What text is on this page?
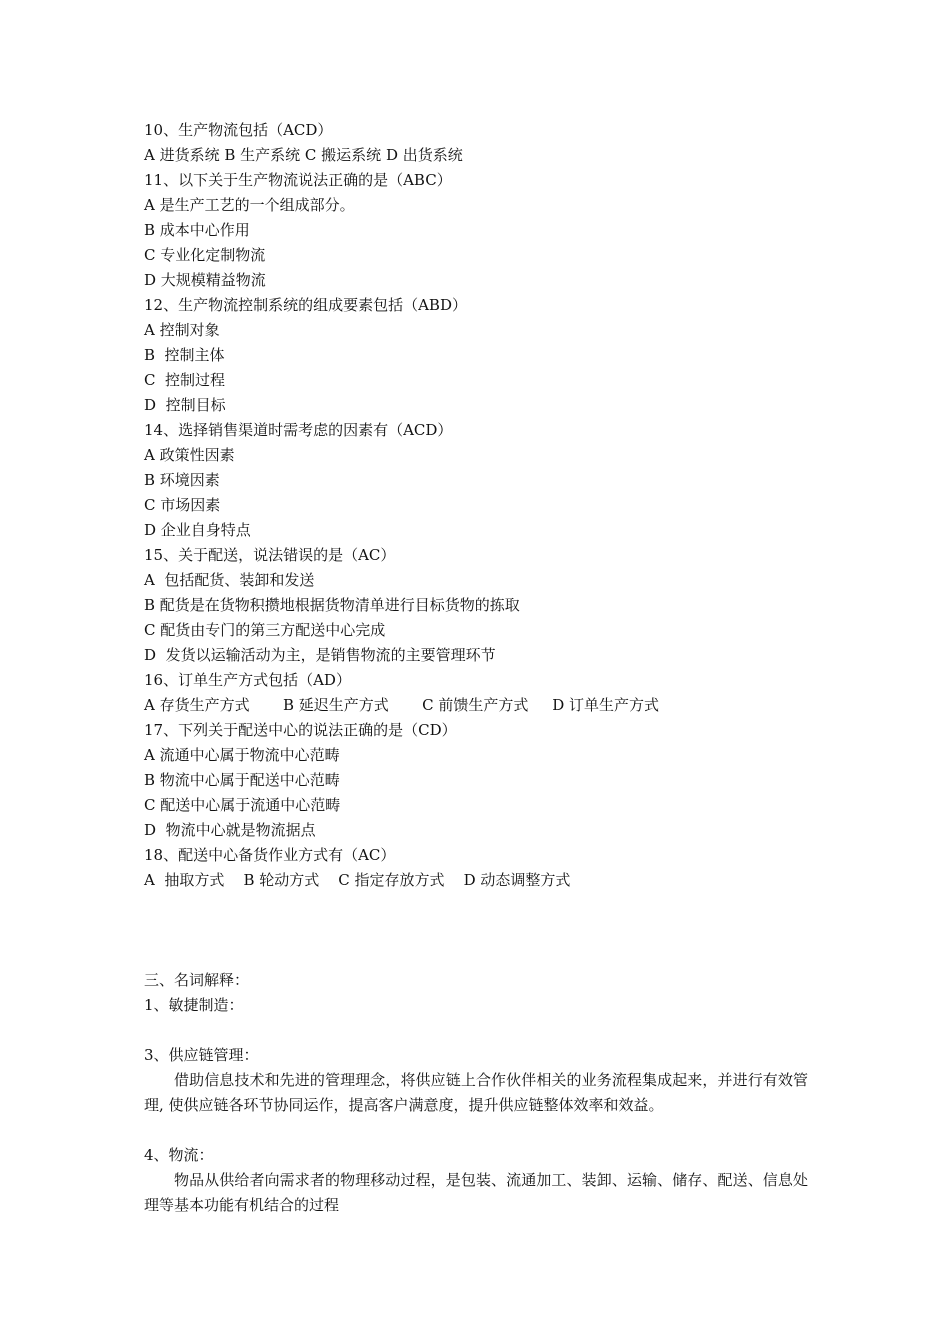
10、生产物流包括（ACD）
A 进货系统 B 生产系统 C 搬运系统 D 出货系统
11、以下关于生产物流说法正确的是（ABC）
A 是生产工艺的一个组成部分。
B 成本中心作用
C 专业化定制物流
D 大规模精益物流
12、生产物流控制系统的组成要素包括（ABD）
A 控制对象
B  控制主体
C  控制过程
D  控制目标
14、选择销售渠道时需考虑的因素有（ACD）
A 政策性因素
B 环境因素
C 市场因素
D 企业自身特点
15、关于配送，说法错误的是（AC）
A  包括配货、装卸和发送
B 配货是在货物积攒地根据货物清单进行目标货物的拣取
C 配货由专门的第三方配送中心完成
D  发货以运输活动为主，是销售物流的主要管理环节
16、订单生产方式包括（AD）
A 存货生产方式       B 延迟生产方式       C 前馈生产方式     D 订单生产方式
17、下列关于配送中心的说法正确的是（CD）
A 流通中心属于物流中心范畴
B 物流中心属于配送中心范畴
C 配送中心属于流通中心范畴
D  物流中心就是物流据点
18、配送中心备货作业方式有（AC）
A  抽取方式    B 轮动方式    C 指定存放方式    D 动态调整方式
三、名词解释：
1、敏捷制造：
3、供应链管理：
借助信息技术和先进的管理理念，将供应链上合作伙伴相关的业务流程集成起来，并进行有效管理, 使供应链各环节协同运作，提高客户满意度，提升供应链整体效率和效益。
4、物流：
物品从供给者向需求者的物理移动过程，是包装、流通加工、装卸、运输、储存、配送、信息处理等基本功能有机结合的过程
